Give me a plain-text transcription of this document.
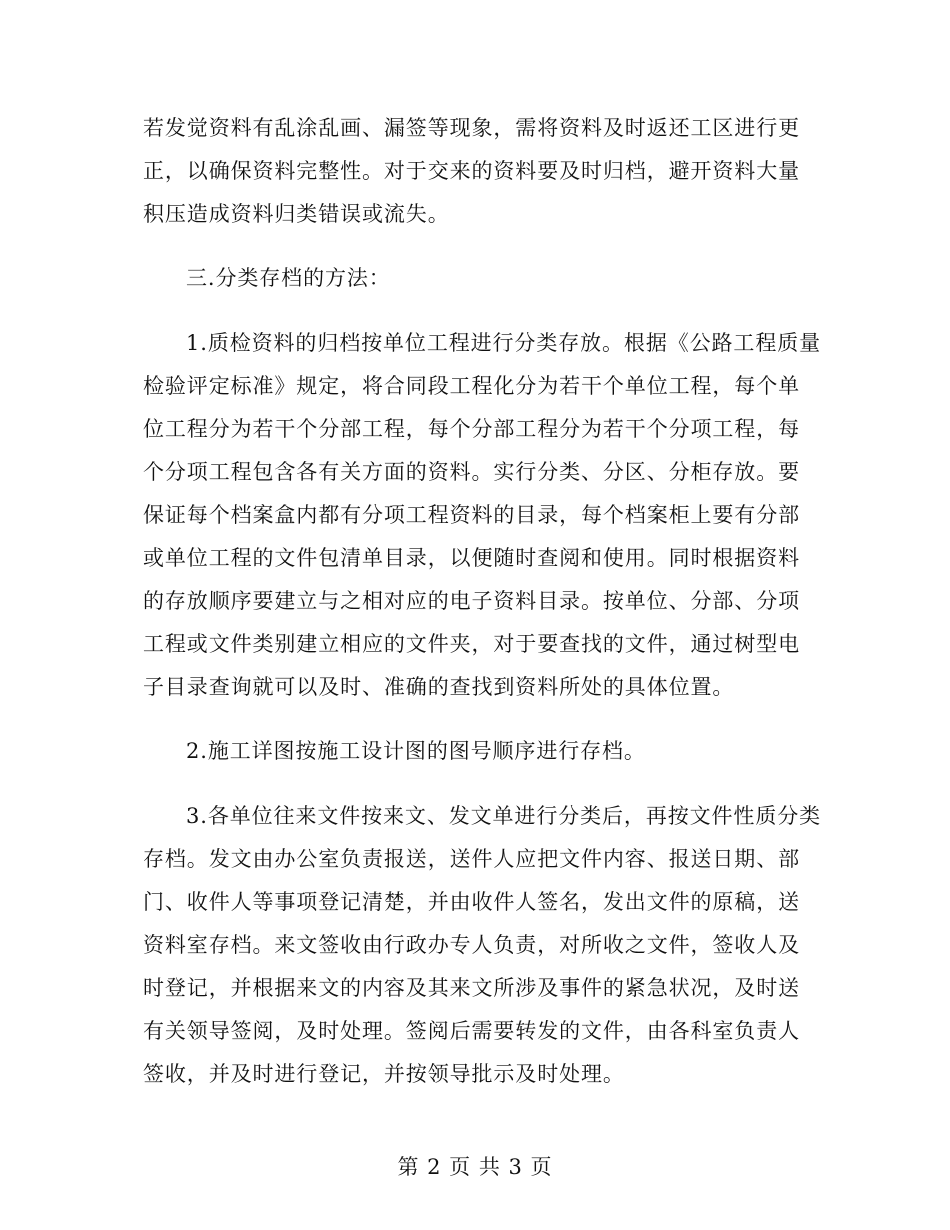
若发觉资料有乱涂乱画、漏签等现象，需将资料及时返还工区进行更
正，以确保资料完整性。对于交来的资料要及时归档，避开资料大量
积压造成资料归类错误或流失。
三.分类存档的方法：
1.质检资料的归档按单位工程进行分类存放。根据《公路工程质量
检验评定标准》规定，将合同段工程化分为若干个单位工程，每个单
位工程分为若干个分部工程，每个分部工程分为若干个分项工程，每
个分项工程包含各有关方面的资料。实行分类、分区、分柜存放。要
保证每个档案盒内都有分项工程资料的目录，每个档案柜上要有分部
或单位工程的文件包清单目录，以便随时查阅和使用。同时根据资料
的存放顺序要建立与之相对应的电子资料目录。按单位、分部、分项
工程或文件类别建立相应的文件夹，对于要查找的文件，通过树型电
子目录查询就可以及时、准确的查找到资料所处的具体位置。
2.施工详图按施工设计图的图号顺序进行存档。
3.各单位往来文件按来文、发文单进行分类后，再按文件性质分类
存档。发文由办公室负责报送，送件人应把文件内容、报送日期、部
门、收件人等事项登记清楚，并由收件人签名，发出文件的原稿，送
资料室存档。来文签收由行政办专人负责，对所收之文件，签收人及
时登记，并根据来文的内容及其来文所涉及事件的紧急状况，及时送
有关领导签阅，及时处理。签阅后需要转发的文件，由各科室负责人
签收，并及时进行登记，并按领导批示及时处理。
第 2 页 共 3 页
